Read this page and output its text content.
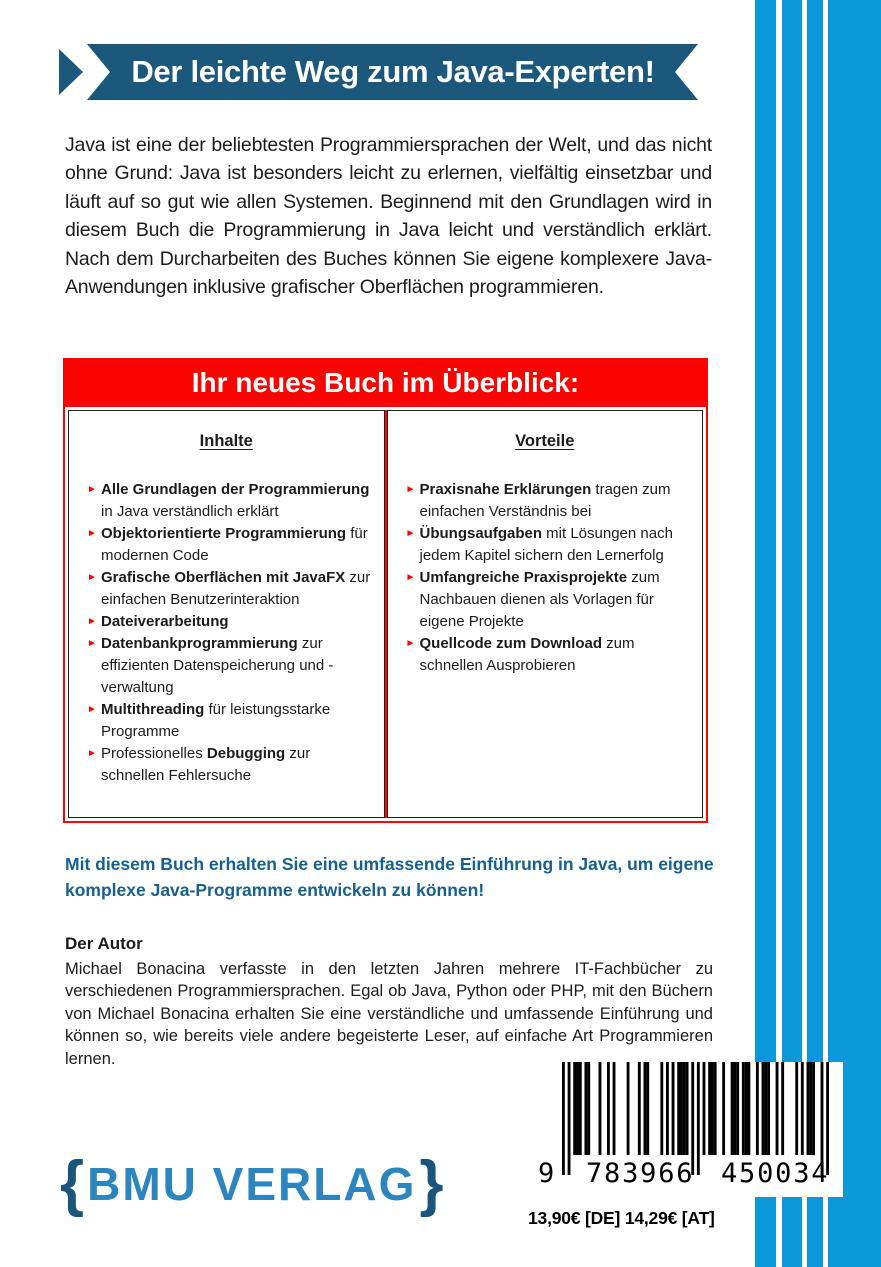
Der leichte Weg zum Java-Experten!

Java ist eine der beliebtesten Programmiersprachen der Welt, und das nicht ohne Grund: Java ist besonders leicht zu erlernen, vielfältig einsetzbar und läuft auf so gut wie allen Systemen. Beginnend mit den Grundlagen wird in diesem Buch die Programmierung in Java leicht und verständlich erklärt. Nach dem Durcharbeiten des Buches können Sie eigene komplexere Java-Anwendungen inklusive grafischer Oberflächen programmieren.

Ihr neues Buch im Überblick:
Inhalte
► Alle Grundlagen der Programmierung in Java verständlich erklärt
► Objektorientierte Programmierung für modernen Code
► Grafische Oberflächen mit JavaFX zur einfachen Benutzerinteraktion
► Dateiverarbeitung
► Datenbankprogrammierung zur effizienten Datenspeicherung und -verwaltung
► Multithreading für leistungsstarke Programme
► Professionelles Debugging zur schnellen Fehlersuche
Vorteile
► Praxisnahe Erklärungen tragen zum einfachen Verständnis bei
► Übungsaufgaben mit Lösungen nach jedem Kapitel sichern den Lernerfolg
► Umfangreiche Praxisprojekte zum Nachbauen dienen als Vorlagen für eigene Projekte
► Quellcode zum Download zum schnellen Ausprobieren

Mit diesem Buch erhalten Sie eine umfassende Einführung in Java, um eigene komplexe Java-Programme entwickeln zu können!

Der Autor

Michael Bonacina verfasste in den letzten Jahren mehrere IT-Fachbücher zu verschiedenen Programmiersprachen. Egal ob Java, Python oder PHP, mit den Büchern von Michael Bonacina erhalten Sie eine verständliche und umfassende Einführung und können so, wie bereits viele andere begeisterte Leser, auf einfache Art Programmieren lernen.

{ BMU VERLAG }	9 783966 450034
13,90€ [DE] 14,29€ [AT]
